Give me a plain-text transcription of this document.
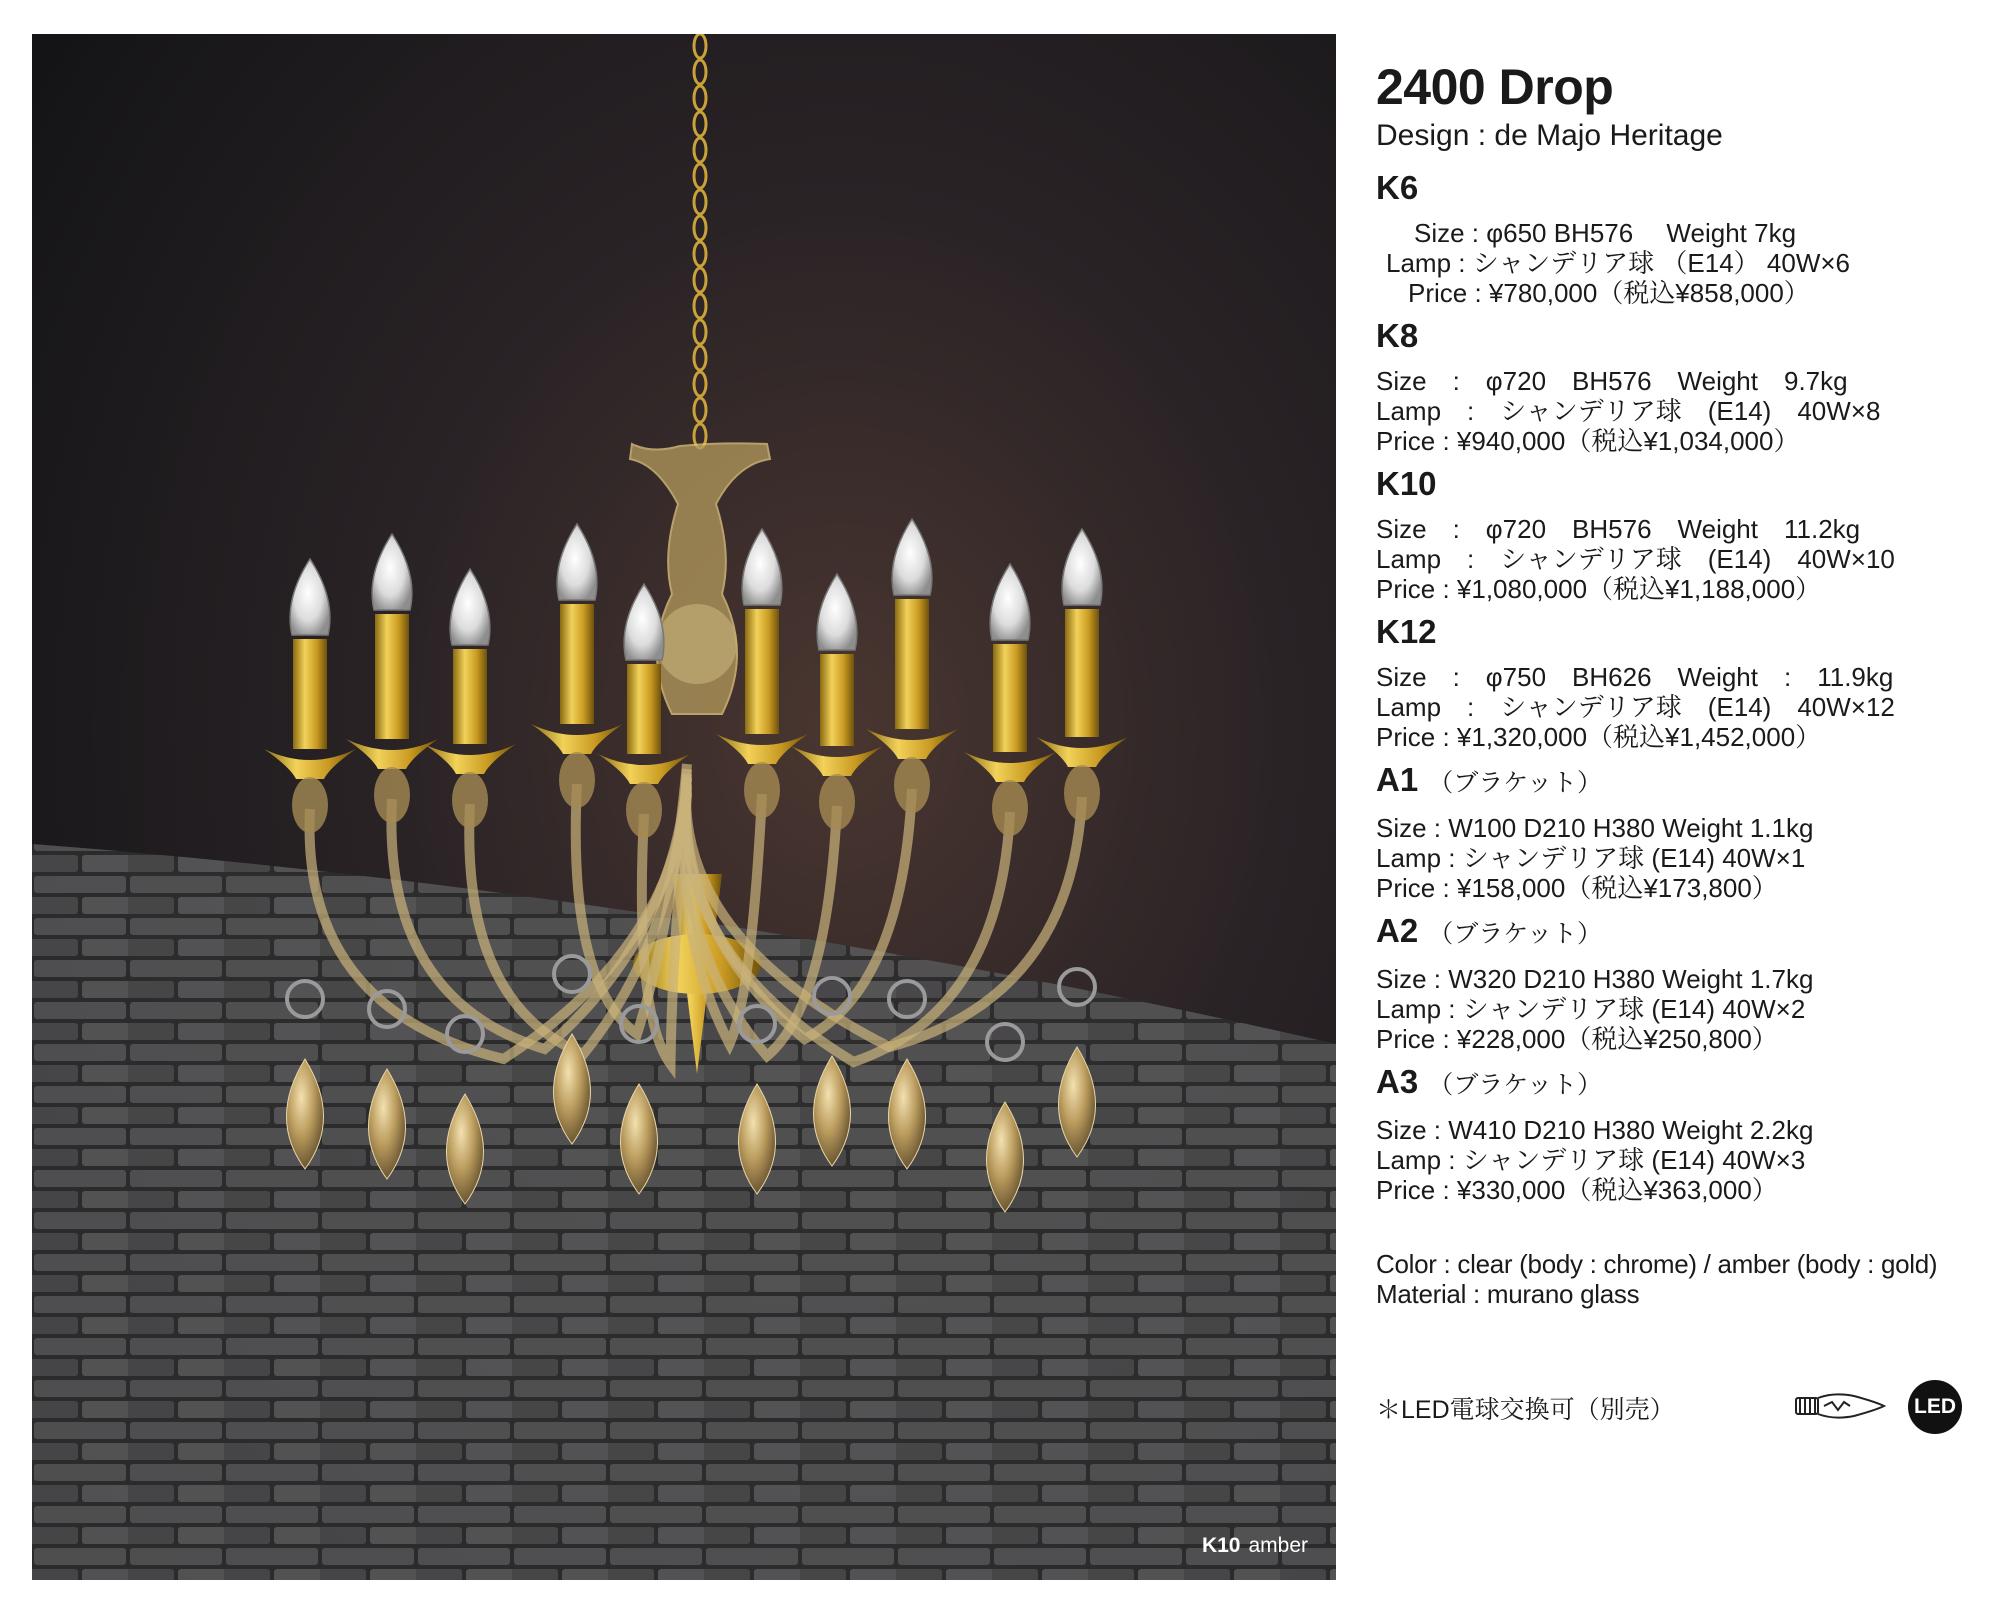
K10 amber
2400 Drop
Design : de Majo Heritage
K6
Size : φ650 BH576　 Weight 7kg
Lamp : シャンデリア球 （E14） 40W×6
Price : ¥780,000（税込¥858,000）
K8
Size　:　φ720　BH576　Weight　9.7kg
Lamp　:　シャンデリア球　(E14)　40W×8
Price : ¥940,000（税込¥1,034,000）
K10
Size　:　φ720　BH576　Weight　11.2kg
Lamp　:　シャンデリア球　(E14)　40W×10
Price : ¥1,080,000（税込¥1,188,000）
K12
Size　:　φ750　BH626　Weight　:　11.9kg
Lamp　:　シャンデリア球　(E14)　40W×12
Price : ¥1,320,000（税込¥1,452,000）
A1 （ブラケット）
Size : W100 D210 H380 Weight 1.1kg
Lamp : シャンデリア球 (E14) 40W×1
Price : ¥158,000（税込¥173,800）
A2 （ブラケット）
Size : W320 D210 H380 Weight 1.7kg
Lamp : シャンデリア球 (E14) 40W×2
Price : ¥228,000（税込¥250,800）
A3 （ブラケット）
Size : W410 D210 H380 Weight 2.2kg
Lamp : シャンデリア球 (E14) 40W×3
Price : ¥330,000（税込¥363,000）
Color : clear (body : chrome) / amber (body : gold)
Material : murano glass
＊LED電球交換可（別売）	LED
